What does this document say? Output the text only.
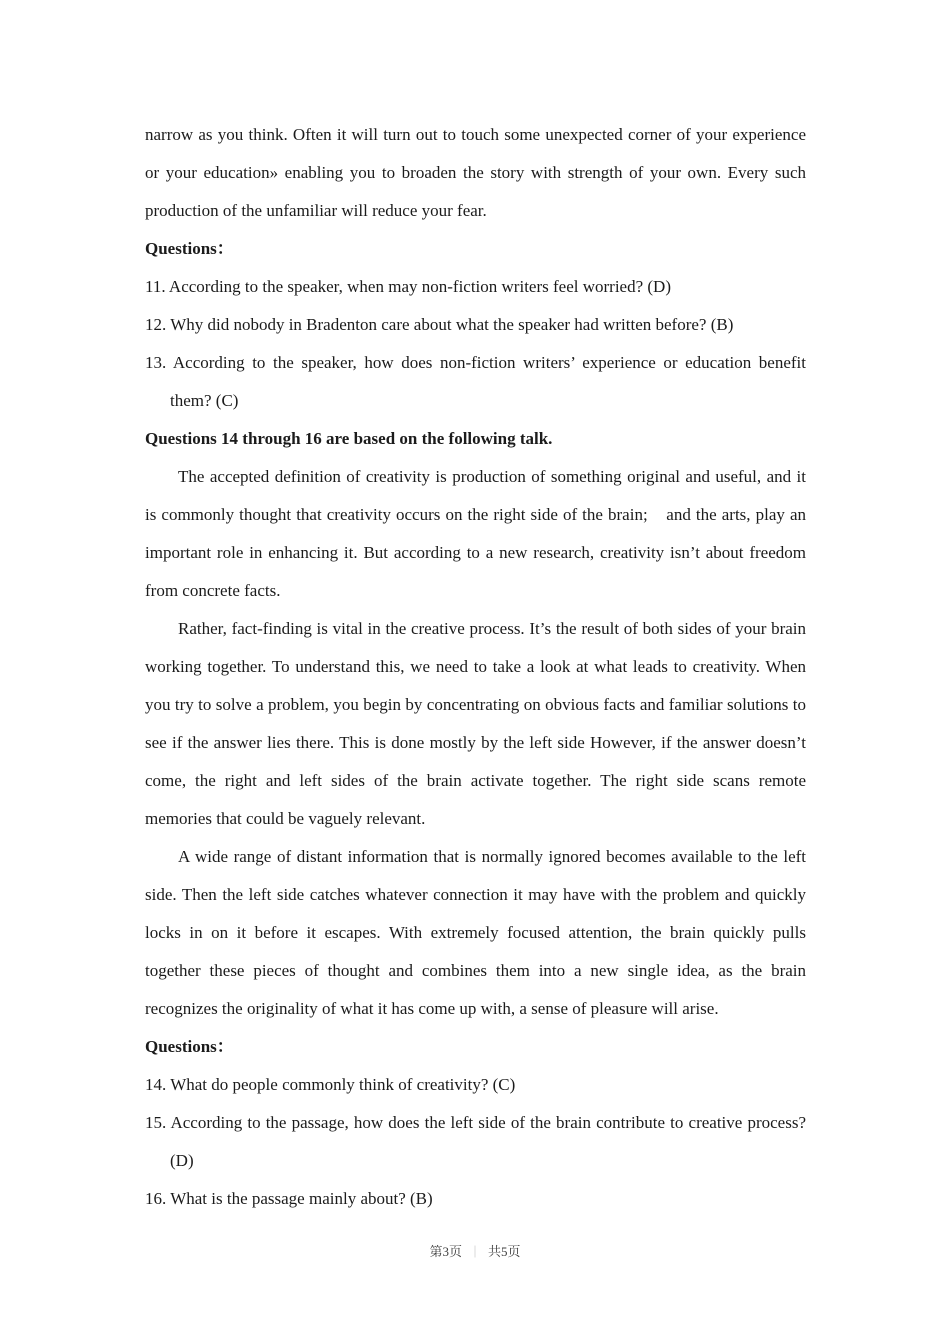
narrow as you think. Often it will turn out to touch some unexpected corner of your experience or your education» enabling you to broaden the story with strength of your own. Every such production of the unfamiliar will reduce your fear.

Questions：

11. According to the speaker, when may non-fiction writers feel worried? (D)

12. Why did nobody in Bradenton care about what the speaker had written before? (B)

13. According to the speaker, how does non-fiction writers’ experience or education benefit them? (C)

Questions 14 through 16 are based on the following talk.

The accepted definition of creativity is production of something original and useful, and it is commonly thought that creativity occurs on the right side of the brain;　and the arts, play an important role in enhancing it. But according to a new research, creativity isn’t about freedom from concrete facts.

Rather, fact-finding is vital in the creative process. It’s the result of both sides of your brain working together. To understand this, we need to take a look at what leads to creativity. When you try to solve a problem, you begin by concentrating on obvious facts and familiar solutions to see if the answer lies there. This is done mostly by the left side However, if the answer doesn’t come, the right and left sides of the brain activate together. The right side scans remote memories that could be vaguely relevant.

A wide range of distant information that is normally ignored becomes available to the left side. Then the left side catches whatever connection it may have with the problem and quickly locks in on it before it escapes. With extremely focused attention, the brain quickly pulls together these pieces of thought and combines them into a new single idea, as the brain recognizes the originality of what it has come up with, a sense of pleasure will arise.

Questions：

14. What do people commonly think of creativity? (C)

15. According to the passage, how does the left side of the brain contribute to creative process? (D)

16. What is the passage mainly about? (B)

第3页 ｜ 共5页
